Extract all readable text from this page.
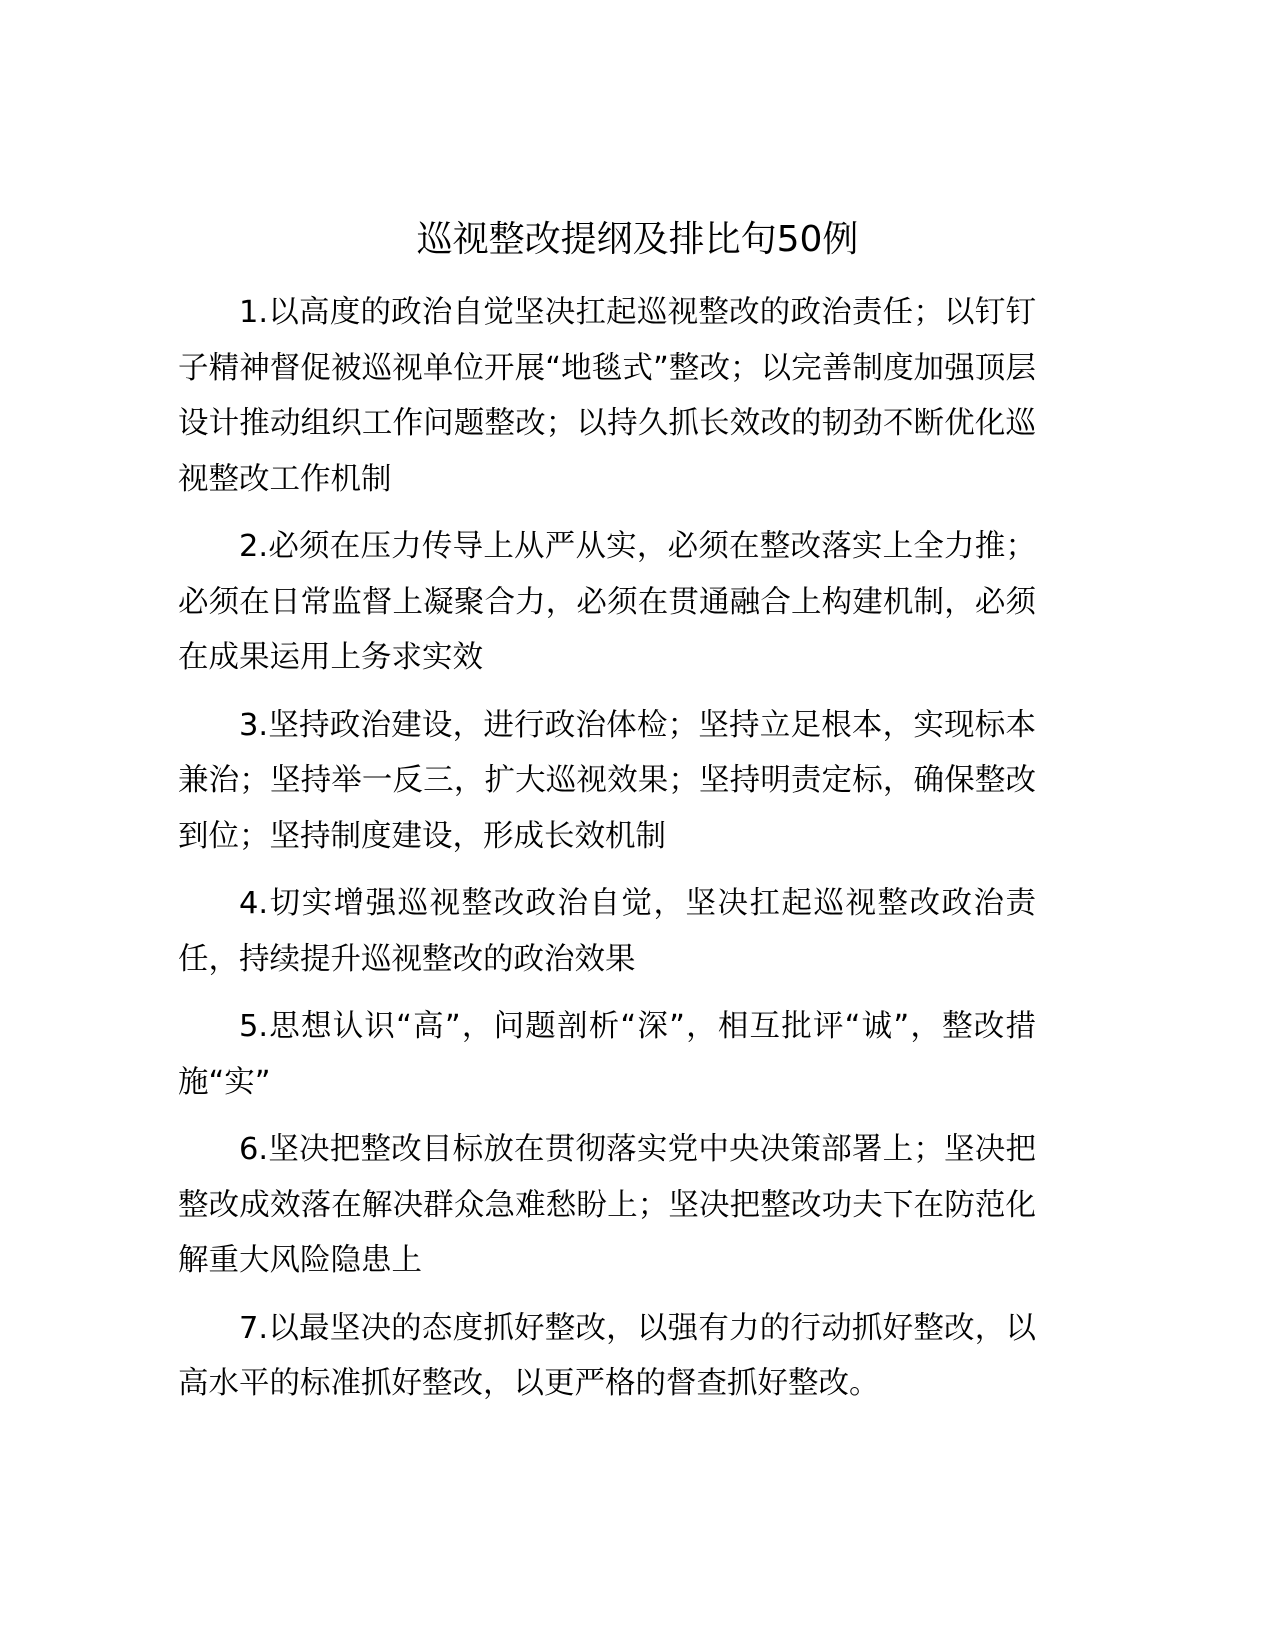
巡视整改提纲及排比句50例

1.以高度的政治自觉坚决扛起巡视整改的政治责任；以钉钉子精神督促被巡视单位开展“地毯式”整改；以完善制度加强顶层设计推动组织工作问题整改；以持久抓长效改的韧劲不断优化巡视整改工作机制

2.必须在压力传导上从严从实，必须在整改落实上全力推；必须在日常监督上凝聚合力，必须在贯通融合上构建机制，必须在成果运用上务求实效

3.坚持政治建设，进行政治体检；坚持立足根本，实现标本兼治；坚持举一反三，扩大巡视效果；坚持明责定标，确保整改到位；坚持制度建设，形成长效机制

4.切实增强巡视整改政治自觉，坚决扛起巡视整改政治责任，持续提升巡视整改的政治效果

5.思想认识“高”，问题剖析“深”，相互批评“诚”，整改措施“实”

6.坚决把整改目标放在贯彻落实党中央决策部署上；坚决把整改成效落在解决群众急难愁盼上；坚决把整改功夫下在防范化解重大风险隐患上

7.以最坚决的态度抓好整改，以强有力的行动抓好整改，以高水平的标准抓好整改，以更严格的督查抓好整改。
